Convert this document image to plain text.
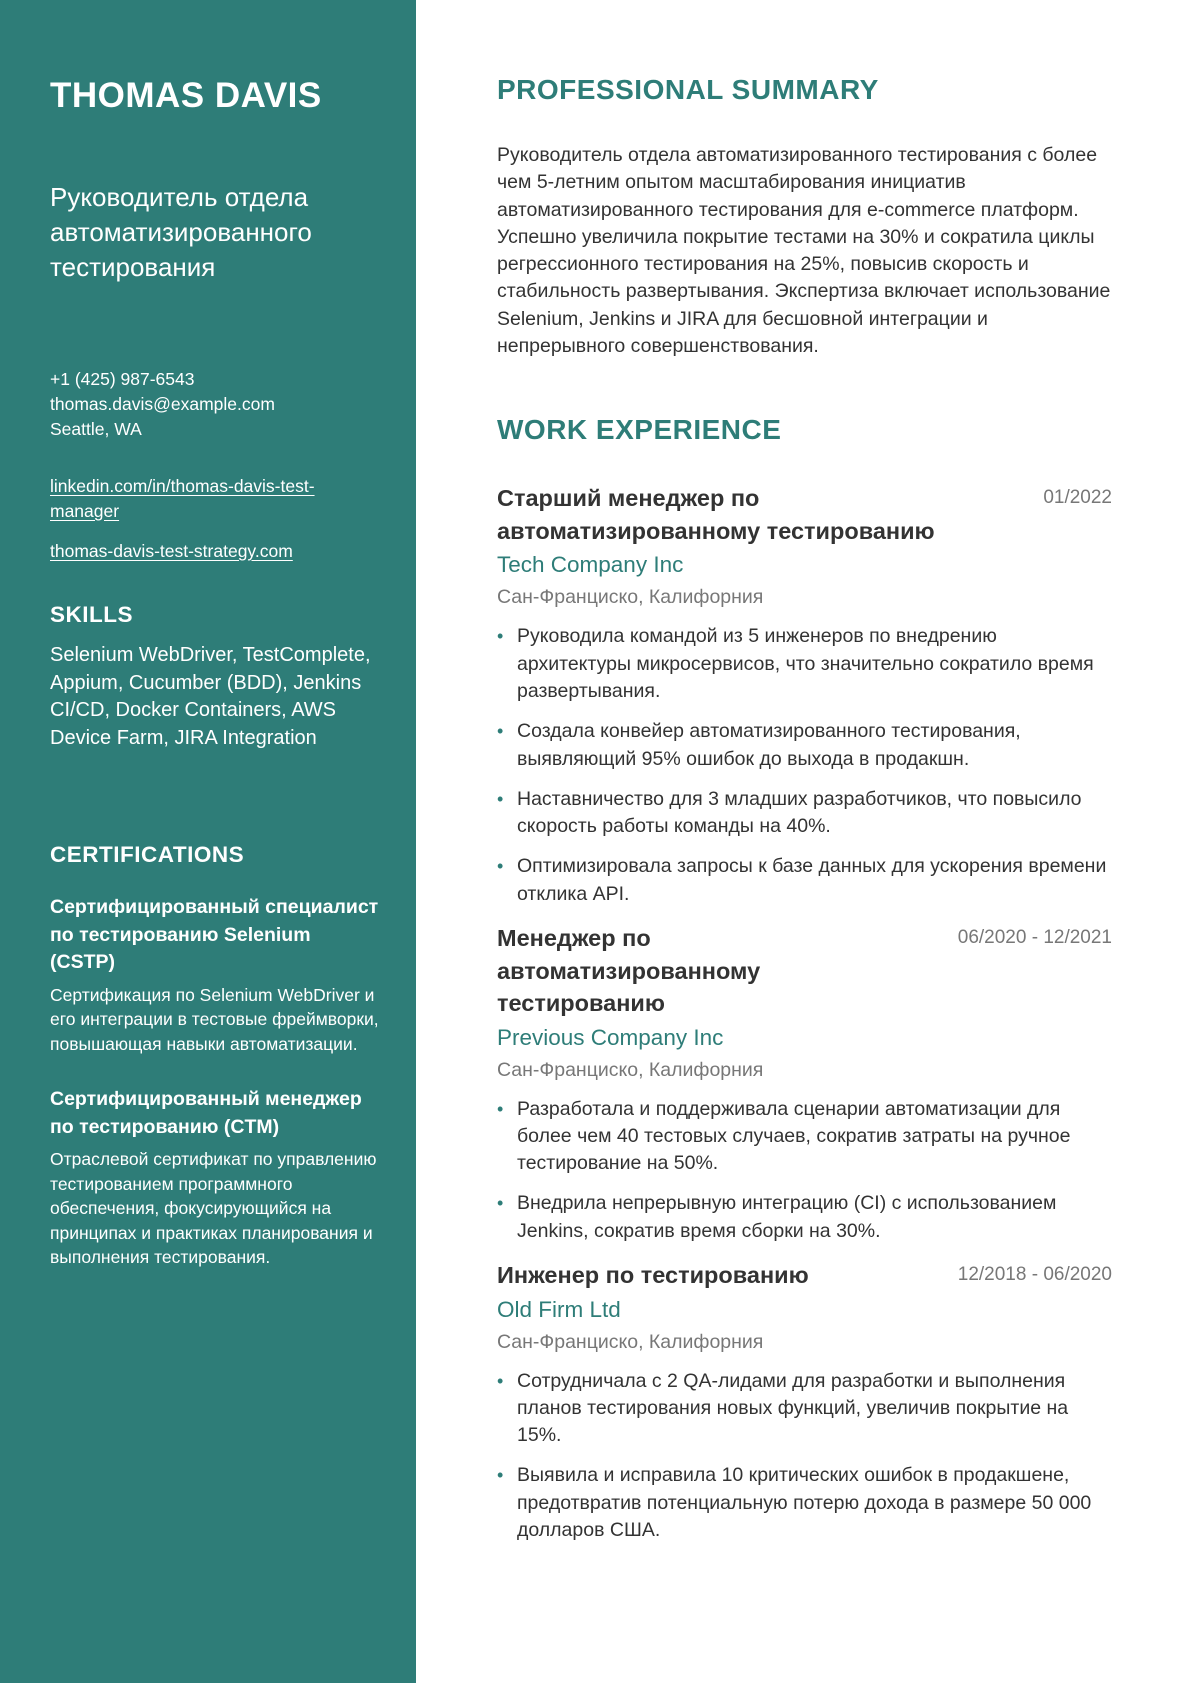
THOMAS DAVIS
Руководитель отдела автоматизированного тестирования
+1 (425) 987-6543
thomas.davis@example.com
Seattle, WA
linkedin.com/in/thomas-davis-test-manager
thomas-davis-test-strategy.com
SKILLS
Selenium WebDriver, TestComplete, Appium, Cucumber (BDD), Jenkins CI/CD, Docker Containers, AWS Device Farm, JIRA Integration
CERTIFICATIONS
Сертифицированный специалист по тестированию Selenium (CSTP)
Сертификация по Selenium WebDriver и его интеграции в тестовые фреймворки, повышающая навыки автоматизации.
Сертифицированный менеджер по тестированию (CTM)
Отраслевой сертификат по управлению тестированием программного обеспечения, фокусирующийся на принципах и практиках планирования и выполнения тестирования.
PROFESSIONAL SUMMARY
Руководитель отдела автоматизированного тестирования с более чем 5-летним опытом масштабирования инициатив автоматизированного тестирования для e-commerce платформ. Успешно увеличила покрытие тестами на 30% и сократила циклы регрессионного тестирования на 25%, повысив скорость и стабильность развертывания. Экспертиза включает использование Selenium, Jenkins и JIRA для бесшовной интеграции и непрерывного совершенствования.
WORK EXPERIENCE
Старший менеджер по автоматизированному тестированию
01/2022
Tech Company Inc
Сан-Франциско, Калифорния
• Руководила командой из 5 инженеров по внедрению архитектуры микросервисов, что значительно сократило время развертывания.
• Создала конвейер автоматизированного тестирования, выявляющий 95% ошибок до выхода в продакшн.
• Наставничество для 3 младших разработчиков, что повысило скорость работы команды на 40%.
• Оптимизировала запросы к базе данных для ускорения времени отклика API.
Менеджер по автоматизированному тестированию
06/2020 - 12/2021
Previous Company Inc
Сан-Франциско, Калифорния
• Разработала и поддерживала сценарии автоматизации для более чем 40 тестовых случаев, сократив затраты на ручное тестирование на 50%.
• Внедрила непрерывную интеграцию (CI) с использованием Jenkins, сократив время сборки на 30%.
Инженер по тестированию	12/2018 - 06/2020
Old Firm Ltd
Сан-Франциско, Калифорния
• Сотрудничала с 2 QA-лидами для разработки и выполнения планов тестирования новых функций, увеличив покрытие на 15%.
• Выявила и исправила 10 критических ошибок в продакшене, предотвратив потенциальную потерю дохода в размере 50 000 долларов США.
